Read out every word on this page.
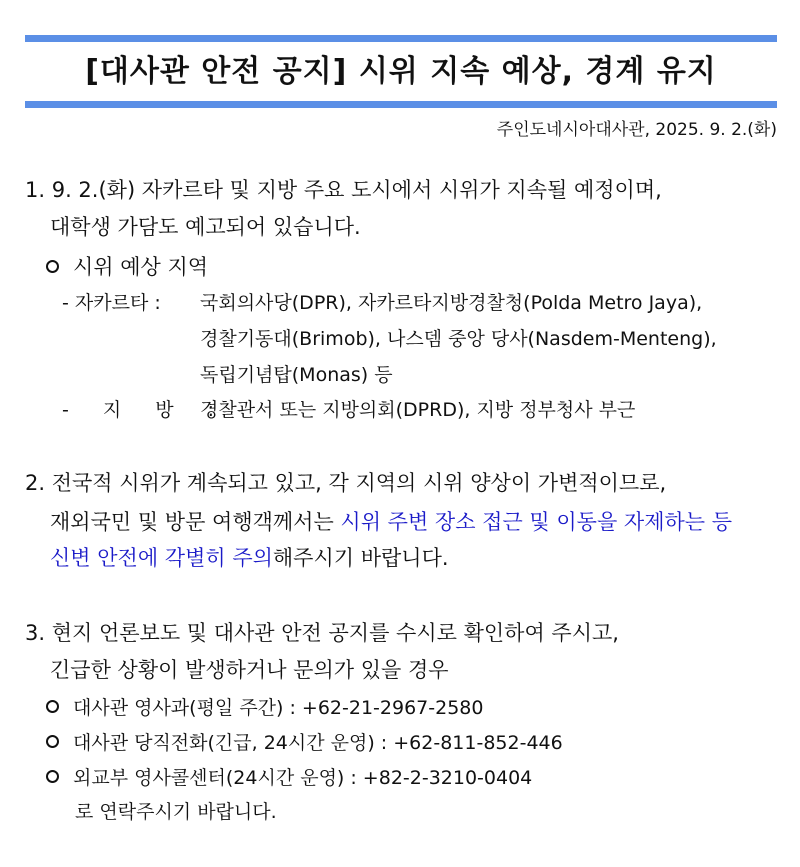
[대사관 안전 공지] 시위 지속 예상, 경계 유지
주인도네시아대사관, 2025. 9. 2.(화)
1. 9. 2.(화) 자카르타 및 지방 주요 도시에서 시위가 지속될 예정이며,
대학생 가담도 예고되어 있습니다.
시위 예상 지역
- 자카르타 : 국회의사당(DPR), 자카르타지방경찰청(Polda Metro Jaya),
경찰기동대(Brimob), 나스뎀 중앙 당사(Nasdem-Menteng),
독립기념탑(Monas) 등
- 지 방 :
경찰관서 또는 지방의회(DPRD), 지방 정부청사 부근
2. 전국적 시위가 계속되고 있고, 각 지역의 시위 양상이 가변적이므로,
재외국민 및 방문 여행객께서는 시위 주변 장소 접근 및 이동을 자제하는 등
신변 안전에 각별히 주의해주시기 바랍니다.
3. 현지 언론보도 및 대사관 안전 공지를 수시로 확인하여 주시고,
긴급한 상황이 발생하거나 문의가 있을 경우
대사관 영사과(평일 주간) : +62-21-2967-2580
대사관 당직전화(긴급, 24시간 운영) : +62-811-852-446
외교부 영사콜센터(24시간 운영) : +82-2-3210-0404
로 연락주시기 바랍니다.
